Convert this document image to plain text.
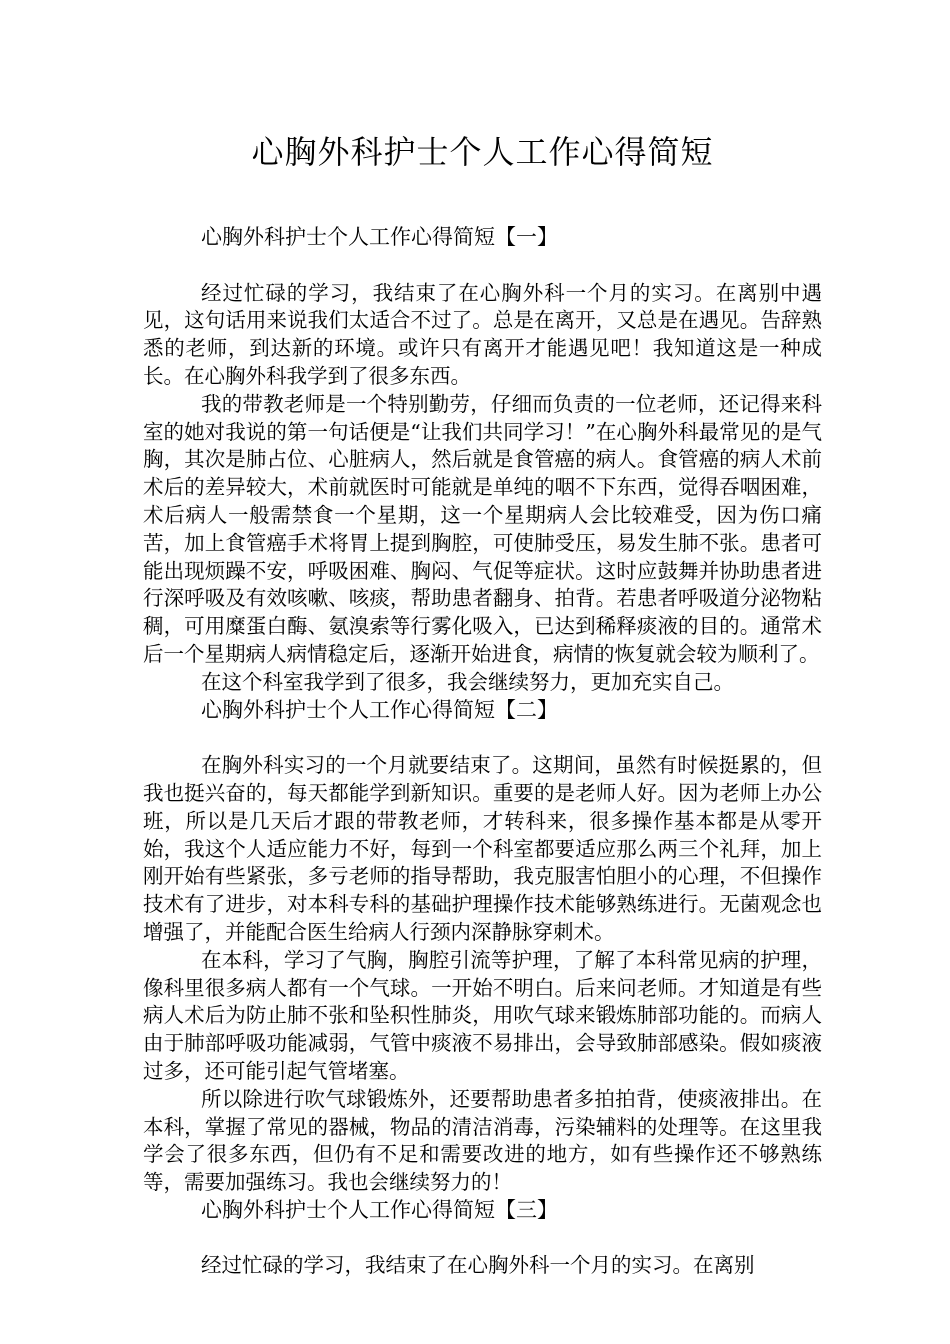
心胸外科护士个人工作心得简短

心胸外科护士个人工作心得简短【一】

经过忙碌的学习，我结束了在心胸外科一个月的实习。在离别中遇见，这句话用来说我们太适合不过了。总是在离开，又总是在遇见。告辞熟悉的老师，到达新的环境。或许只有离开才能遇见吧！我知道这是一种成长。在心胸外科我学到了很多东西。

我的带教老师是一个特别勤劳，仔细而负责的一位老师，还记得来科室的她对我说的第一句话便是“让我们共同学习！”在心胸外科最常见的是气胸，其次是肺占位、心脏病人，然后就是食管癌的病人。食管癌的病人术前术后的差异较大，术前就医时可能就是单纯的咽不下东西，觉得吞咽困难，术后病人一般需禁食一个星期，这一个星期病人会比较难受，因为伤口痛苦，加上食管癌手术将胃上提到胸腔，可使肺受压，易发生肺不张。患者可能出现烦躁不安，呼吸困难、胸闷、气促等症状。这时应鼓舞并协助患者进行深呼吸及有效咳嗽、咳痰，帮助患者翻身、拍背。若患者呼吸道分泌物粘稠，可用糜蛋白酶、氨溴索等行雾化吸入，已达到稀释痰液的目的。通常术后一个星期病人病情稳定后，逐渐开始进食，病情的恢复就会较为顺利了。

在这个科室我学到了很多，我会继续努力，更加充实自己。

心胸外科护士个人工作心得简短【二】

在胸外科实习的一个月就要结束了。这期间，虽然有时候挺累的，但我也挺兴奋的，每天都能学到新知识。重要的是老师人好。因为老师上办公班，所以是几天后才跟的带教老师，才转科来，很多操作基本都是从零开始，我这个人适应能力不好，每到一个科室都要适应那么两三个礼拜，加上刚开始有些紧张，多亏老师的指导帮助，我克服害怕胆小的心理，不但操作技术有了进步，对本科专科的基础护理操作技术能够熟练进行。无菌观念也增强了，并能配合医生给病人行颈内深静脉穿刺术。

在本科，学习了气胸，胸腔引流等护理，了解了本科常见病的护理，像科里很多病人都有一个气球。一开始不明白。后来问老师。才知道是有些病人术后为防止肺不张和坠积性肺炎，用吹气球来锻炼肺部功能的。而病人由于肺部呼吸功能减弱，气管中痰液不易排出，会导致肺部感染。假如痰液过多，还可能引起气管堵塞。

所以除进行吹气球锻炼外，还要帮助患者多拍拍背，使痰液排出。在本科，掌握了常见的器械，物品的清洁消毒，污染辅料的处理等。在这里我学会了很多东西，但仍有不足和需要改进的地方，如有些操作还不够熟练等，需要加强练习。我也会继续努力的！

心胸外科护士个人工作心得简短【三】

经过忙碌的学习，我结束了在心胸外科一个月的实习。在离别
